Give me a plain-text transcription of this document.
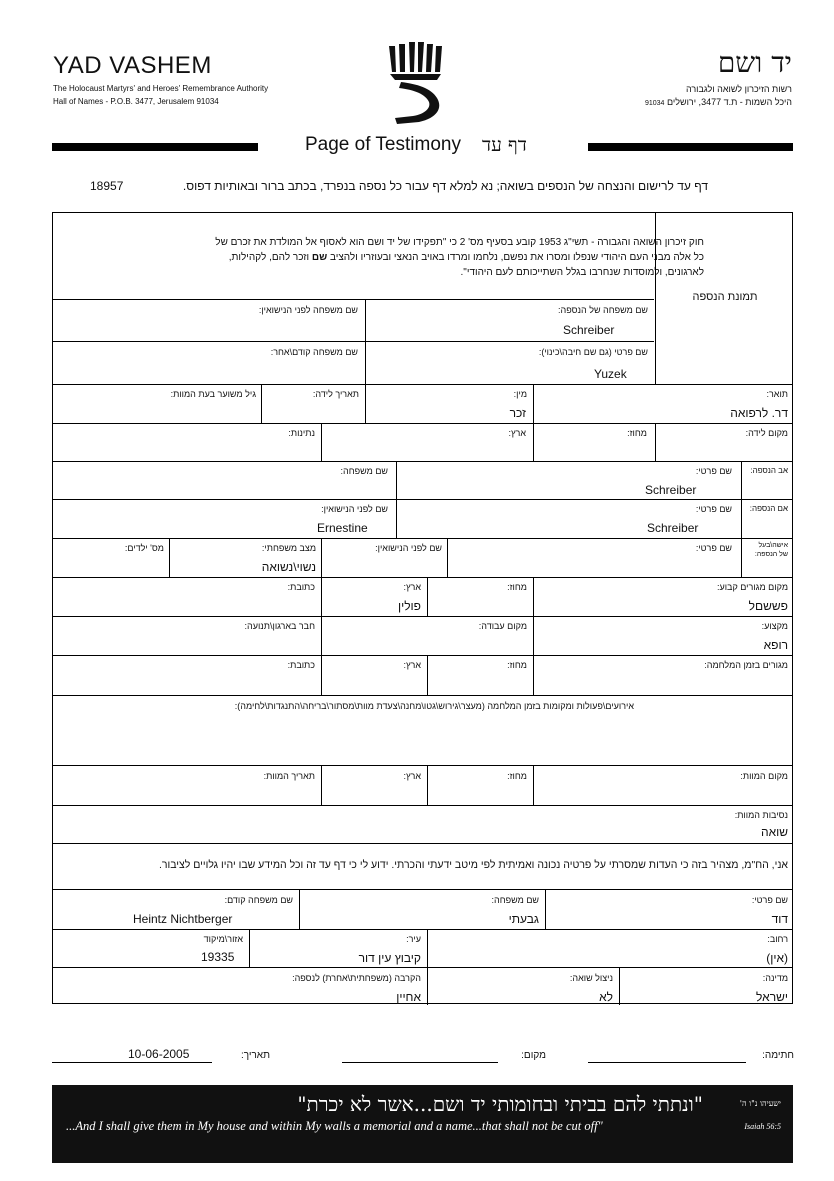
YAD VASHEM
The Holocaust Martyrs' and Heroes' Remembrance Authority
Hall of Names - P.O.B. 3477, Jerusalem 91034
יד ושם
רשות הזיכרון לשואה ולגבורה
היכל השמות - ת.ד 3477, ירושלים 91034
Page of Testimony דף עד
דף עד לרישום והנצחה של הנספים בשואה; נא למלא דף עבור כל נספה בנפרד, בכתב ברור ובאותיות דפוס.
18957
חוק זיכרון השואה והגבורה - תשי"ג 1953 קובע בסעיף מס' 2 כי "תפקידו של יד ושם הוא לאסוף אל המולדת את זכרם של
כל אלה מבני העם היהודי שנפלו ומסרו את נפשם, נלחמו ומרדו באויב הנאצי ובעוזריו ולהציב שם וזכר להם, לקהילות,
לארגונים, ולמוסדות שנחרבו בגלל השתייכותם לעם היהודי".
תמונת הנספה
שם משפחה של הנספה:
Schreiber
שם משפחה לפני הנישואין:
שם פרטי (גם שם חיבה\כינוי):
Yuzek
שם משפחה קודם\אחר:
תואר:
דר. לרפואה
מין:
זכר
תאריך לידה:
גיל משוער בעת המוות:
מקום לידה:
מחוז:
ארץ:
נתינות:
אב הנספה:
שם פרטי:
Schreiber
שם משפחה:
אם הנספה:
שם פרטי:
Schreiber
שם לפני הנישואין:
Ernestine
אישה\בעל
של הנספה:
שם פרטי:
שם לפני הנישואין:
מצב משפחתי:
נשוי\נשואה
מס' ילדים:
מקום מגורים קבוע:
פששםל
מחוז:
ארץ:
פולין
כתובת:
מקצוע:
רופא
מקום עבודה:
חבר בארגון\תנועה:
מגורים בזמן המלחמה:
מחוז:
ארץ:
כתובת:
אירועים\פעולות ומקומות בזמן המלחמה (מעצר\גירוש\גטו\מחנה\צעדת מוות\מסתור\בריחה\התנגדות\לחימה):
מקום המוות:
מחוז:
ארץ:
תאריך המוות:
נסיבות המוות:
שואה
אני, הח"מ, מצהיר בזה כי העדות שמסרתי על פרטיה נכונה ואמיתית לפי מיטב ידעתי והכרתי. ידוע לי כי דף עד זה וכל המידע שבו יהיו גלויים לציבור.
שם פרטי:
דוד
שם משפחה:
גבעתי
שם משפחה קודם:
Heintz Nichtberger
רחוב:
(אין)
עיר:
קיבוץ עין דור
אזור\מיקוד
19335
מדינה:
ישראל
ניצול שואה:
לא
הקרבה (משפחתית\אחרת) לנספה:
אחיין
חתימה:
מקום:
תאריך:
10-06-2005
"ונתתי להם בביתי ובחומותי יד ושם...אשר לא יכרת"	ישעיהו נ"ו ה'
...And I shall give them in My house and within My walls a memorial and a name...that shall not be cut off"	Isaiah 56:5
